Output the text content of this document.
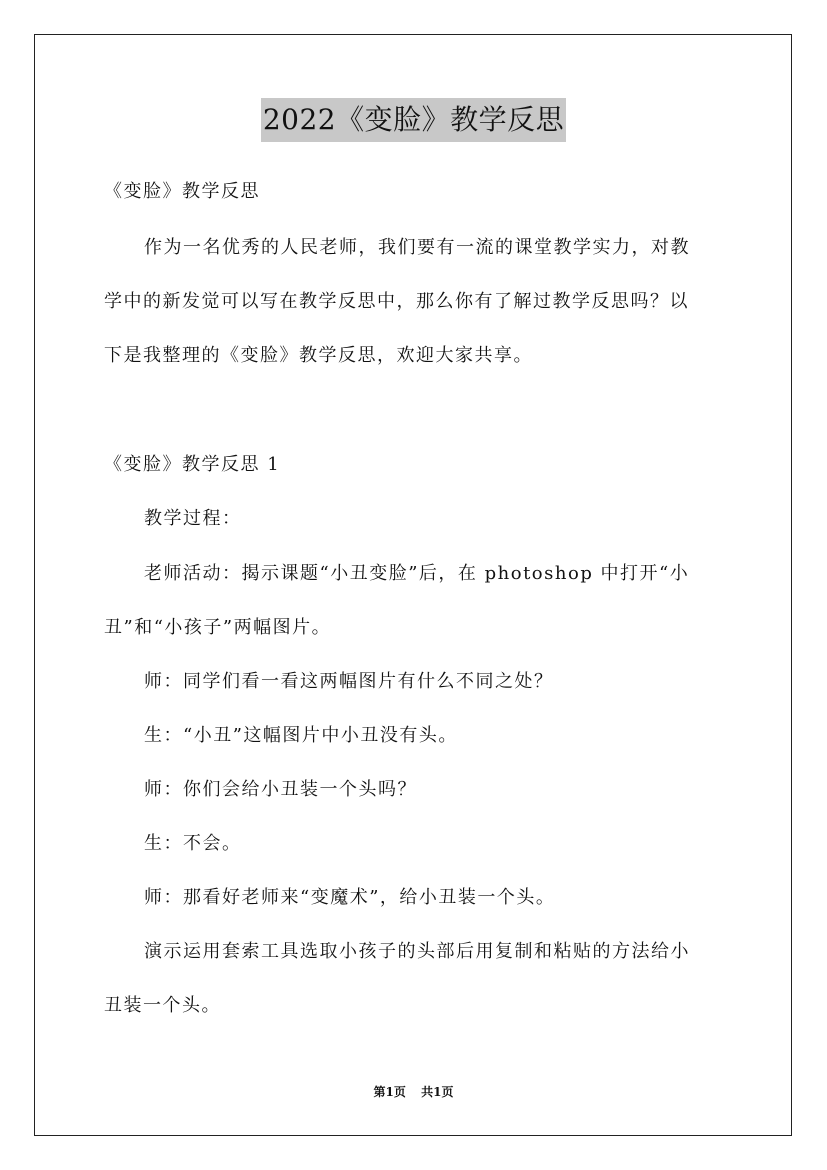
2022《变脸》教学反思
《变脸》教学反思
作为一名优秀的人民老师，我们要有一流的课堂教学实力，对教
学中的新发觉可以写在教学反思中，那么你有了解过教学反思吗？以
下是我整理的《变脸》教学反思，欢迎大家共享。
《变脸》教学反思 1
教学过程：
老师活动：揭示课题“小丑变脸”后，在 photoshop 中打开“小
丑”和“小孩子”两幅图片。
师：同学们看一看这两幅图片有什么不同之处？
生：“小丑”这幅图片中小丑没有头。
师：你们会给小丑装一个头吗？
生：不会。
师：那看好老师来“变魔术”，给小丑装一个头。
演示运用套索工具选取小孩子的头部后用复制和粘贴的方法给小
丑装一个头。
第1页 共1页
